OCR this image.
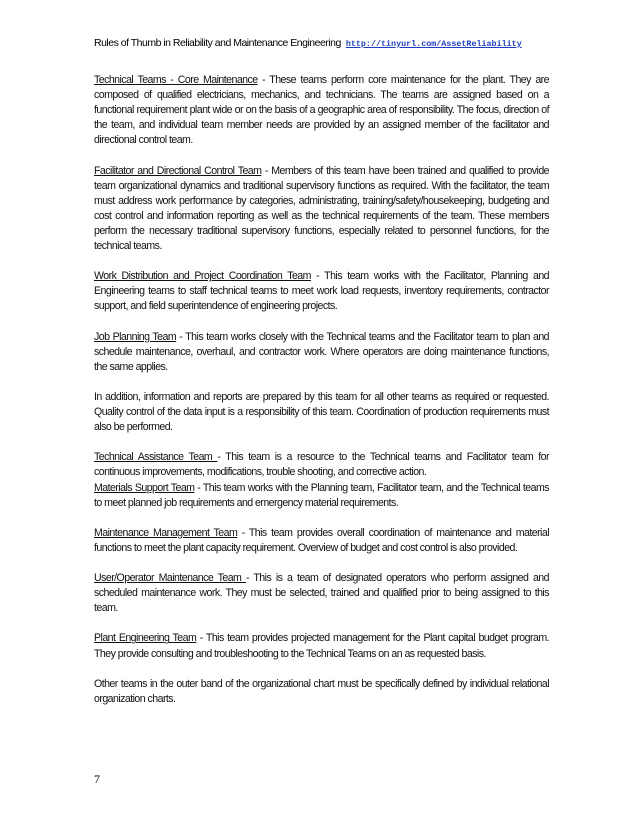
Rules of Thumb in Reliability and Maintenance Engineering http://tinyurl.com/AssetReliability

Technical Teams - Core Maintenance - These teams perform core maintenance for the plant. They are composed of qualified electricians, mechanics, and technicians. The teams are assigned based on a functional requirement plant wide or on the basis of a geographic area of responsibility. The focus, direction of the team, and individual team member needs are provided by an assigned member of the facilitator and directional control team.

Facilitator and Directional Control Team - Members of this team have been trained and qualified to provide team organizational dynamics and traditional supervisory functions as required. With the facilitator, the team must address work performance by categories, administrating, training/safety/housekeeping, budgeting and cost control and information reporting as well as the technical requirements of the team. These members perform the necessary traditional supervisory functions, especially related to personnel functions, for the technical teams.

Work Distribution and Project Coordination Team - This team works with the Facilitator, Planning and Engineering teams to staff technical teams to meet work load requests, inventory requirements, contractor support, and field superintendence of engineering projects.

Job Planning Team - This team works closely with the Technical teams and the Facilitator team to plan and schedule maintenance, overhaul, and contractor work. Where operators are doing maintenance functions, the same applies.

In addition, information and reports are prepared by this team for all other teams as required or requested. Quality control of the data input is a responsibility of this team. Coordination of production requirements must also be performed.

Technical Assistance Team - This team is a resource to the Technical teams and Facilitator team for continuous improvements, modifications, trouble shooting, and corrective action.

Materials Support Team - This team works with the Planning team, Facilitator team, and the Technical teams to meet planned job requirements and emergency material requirements.

Maintenance Management Team - This team provides overall coordination of maintenance and material functions to meet the plant capacity requirement. Overview of budget and cost control is also provided.

User/Operator Maintenance Team - This is a team of designated operators who perform assigned and scheduled maintenance work. They must be selected, trained and qualified prior to being assigned to this team.

Plant Engineering Team - This team provides projected management for the Plant capital budget program. They provide consulting and troubleshooting to the Technical Teams on an as requested basis.

Other teams in the outer band of the organizational chart must be specifically defined by individual relational organization charts.

7
